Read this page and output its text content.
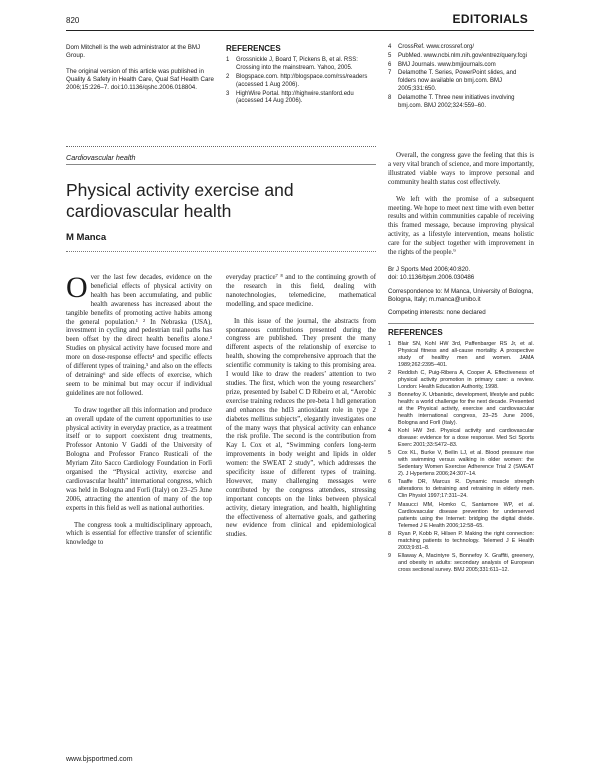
820	EDITORIALS

Dom Mitchell is the web administrator at the BMJ Group.

The original version of this article was published in Quality & Safety in Health Care, Qual Saf Health Care 2006;15:226–7. doi:10.1136/qshc.2006.018804.

REFERENCES
1	Grossnickle J, Board T, Pickens B, et al. RSS: Crossing into the mainstream. Yahoo, 2005.
2	Blogspace.com. http://blogspace.com/rss/readers (accessed 1 Aug 2006).
3	HighWire Portal. http://highwire.stanford.edu (accessed 14 Aug 2006).
4	CrossRef. www.crossref.org/
5	PubMed. www.ncbi.nlm.nih.gov/entrez/query.fcgi
6	BMJ Journals. www.bmjjournals.com
7	Delamothe T. Series, PowerPoint slides, and folders now available on bmj.com. BMJ 2005;331:650.
8	Delamothe T. Three new initiatives involving bmj.com. BMJ 2002;324:559–60.
Cardiovascular health
Physical activity exercise and cardiovascular health
M Manca

Over the last few decades, evidence on the beneficial effects of physical activity on health has been accumulating, and public health awareness has increased about the tangible benefits of promoting active habits among the general population.¹ ² In Nebraska (USA), investment in cycling and pedestrian trail paths has been offset by the direct health benefits alone.³ Studies on physical activity have focused more and more on dose-response effects⁴ and specific effects of different types of training,⁵ and also on the effects of detraining⁶ and side effects of exercise, which seem to be minimal but may occur if individual guidelines are not followed.

To draw together all this information and produce an overall update of the current opportunities to use physical activity in everyday practice, as a treatment itself or to support coexistent drug treatments, Professor Antonio V Gaddi of the University of Bologna and Professor Franco Rusticali of the Myriam Zito Sacco Cardiology Foundation in Forlì organised the “Physical activity, exercise and cardiovascular health” international congress, which was held in Bologna and Forlì (Italy) on 23–25 June 2006, attracting the attention of many of the top experts in this field as well as national authorities.

The congress took a multidisciplinary approach, which is essential for effective transfer of scientific knowledge to

everyday practice⁷ ⁸ and to the continuing growth of the research in this field, dealing with nanotechnologies, telemedicine, mathematical modelling, and space medicine.

In this issue of the journal, the abstracts from spontaneous contributions presented during the congress are published. They present the many different aspects of the relationship of exercise to health, showing the comprehensive approach that the scientific community is taking to this promising area. I would like to draw the readers’ attention to two studies. The first, which won the young researchers’ prize, presented by Isabel C D Ribeiro et al, “Aerobic exercise training reduces the pre-beta 1 hdl generation and enhances the hdl3 antioxidant role in type 2 diabetes mellitus subjects”, elegantly investigates one of the many ways that physical activity can enhance the risk profile. The second is the contribution from Kay L Cox et al, “Swimming confers long-term improvements in body weight and lipids in older women: the SWEAT 2 study”, which addresses the specificity issue of different types of training. However, many challenging messages were contributed by the congress attendees, stressing important concepts on the links between physical activity, dietary integration, and health, highlighting the effectiveness of alternative goals, and gathering new evidence from clinical and epidemiological studies.

Overall, the congress gave the feeling that this is a very vital branch of science, and more importantly, illustrated viable ways to improve personal and community health status cost effectively.

We left with the promise of a subsequent meeting. We hope to meet next time with even better results and within communities capable of receiving this framed message, because improving physical activity, as a lifestyle intervention, means holistic care for the subject together with improvement in the rights of the people.⁹

Br J Sports Med 2006;40:820.
doi: 10.1136/bjsm.2006.030486

Correspondence to: M Manca, University of Bologna, Bologna, Italy; m.manca@unibo.it

Competing interests: none declared

REFERENCES
1	Blair SN, Kohl HW 3rd, Paffenbarger RS Jr, et al. Physical fitness and all-cause mortality. A prospective study of healthy men and women. JAMA 1989;262:2395–401.
2	Reddish C, Puig-Ribera A, Cooper A. Effectiveness of physical activity promotion in primary care: a review. London: Health Education Authority, 1998.
3	Bonnefoy X. Urbanistic, development, lifestyle and public health: a world challenge for the next decade. Presented at the Physical activity, exercise and cardiovascular health international congress, 23–25 June 2006, Bologna and Forlì (Italy).
4	Kohl HW 3rd. Physical activity and cardiovascular disease: evidence for a dose response. Med Sci Sports Exerc 2001;33:S472–83.
5	Cox KL, Burke V, Beilin LJ, et al. Blood pressure rise with swimming versus walking in older women: the Sedentary Women Exercise Adherence Trial 2 (SWEAT 2). J Hypertens 2006;24:307–14.
6	Taaffe DR, Marcus R. Dynamic muscle strength alterations to detraining and retraining in elderly men. Clin Physiol 1997;17:311–24.
7	Masucci MM, Homko C, Santamore WP, et al. Cardiovascular disease prevention for underserved patients using the Internet: bridging the digital divide. Telemed J E Health 2006;12:58–65.
8	Ryan P, Kobb R, Hilsen P. Making the right connection: matching patients to technology. Telemed J E Health 2003;9:81–8.
9	Ellaway A, Macintyre S, Bonnefoy X. Graffiti, greenery, and obesity in adults: secondary analysis of European cross sectional survey. BMJ 2005;331:611–12.
www.bjsportmed.com
